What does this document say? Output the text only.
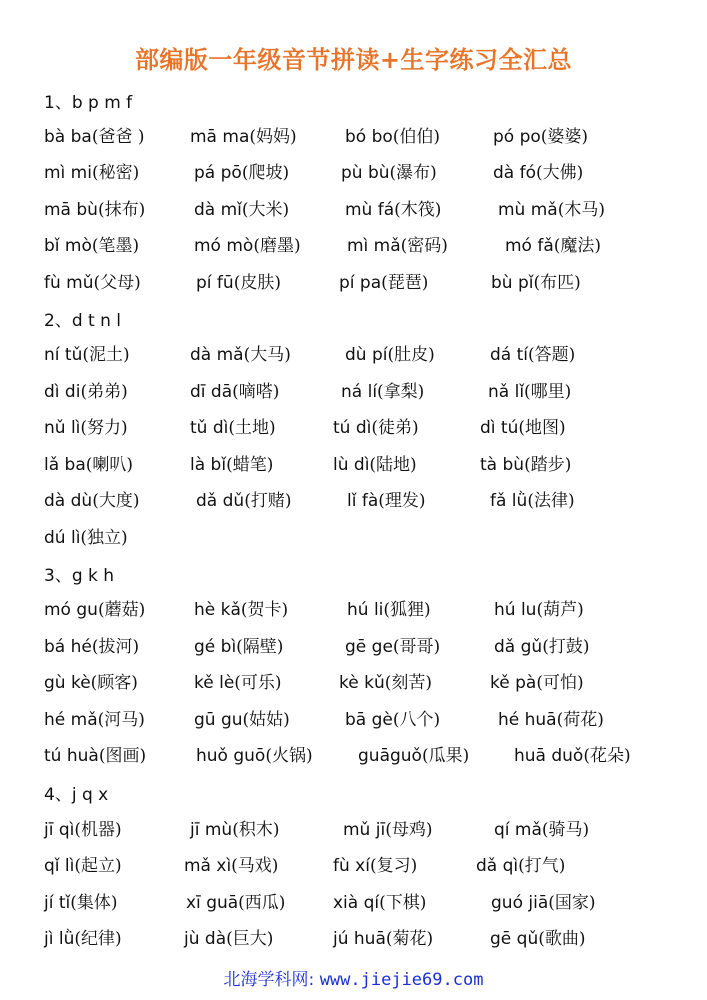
部编版一年级音节拼读+生字练习全汇总
1、b p m f
bà ba(爸爸 )	mā ma(妈妈)	bó bo(伯伯)	pó po(婆婆)
mì mi(秘密)	pá pō(爬坡)	pù bù(瀑布)	dà fó(大佛)
mā bù(抹布)	dà mǐ(大米)	mù fá(木筏)	mù mǎ(木马)
bǐ mò(笔墨)	mó mò(磨墨)	mì mǎ(密码)	mó fǎ(魔法)
fù mǔ(父母)	pí fū(皮肤)	pí pa(琵琶)	bù pǐ(布匹)
2、d t n l
ní tǔ(泥土)	dà mǎ(大马)	dù pí(肚皮)	dá tí(答题)
dì di(弟弟)	dī dā(嘀嗒)	ná lí(拿梨)	nǎ lǐ(哪里)
nǔ lì(努力)	tǔ dì(土地)	tú dì(徒弟)	dì tú(地图)
lǎ ba(喇叭)	là bǐ(蜡笔)	lù dì(陆地)	tà bù(踏步)
dà dù(大度)	dǎ dǔ(打赌)	lǐ fà(理发)	fǎ lǜ(法律)
dú lì(独立)
3、g k h
mó gu(蘑菇)	hè kǎ(贺卡)	hú li(狐狸)	hú lu(葫芦)
bá hé(拔河)	gé bì(隔壁)	gē ge(哥哥)	dǎ gǔ(打鼓)
gù kè(顾客)	kě lè(可乐)	kè kǔ(刻苦)	kě pà(可怕)
hé mǎ(河马)	gū gu(姑姑)	bā gè(八个)	hé huā(荷花)
tú huà(图画)	huǒ guō(火锅)	guāguǒ(瓜果)	huā duǒ(花朵)
4、j q x
jī qì(机器)	jī mù(积木)	mǔ jī(母鸡)	qí mǎ(骑马)
qǐ lì(起立)	mǎ xì(马戏)	fù xí(复习)	dǎ qì(打气)
jí tǐ(集体)	xī guā(西瓜)	xià qí(下棋)	guó jiā(国家)
jì lǜ(纪律)	jù dà(巨大)	jú huā(菊花)	gē qǔ(歌曲)
北海学科网: www.jiejie69.com
